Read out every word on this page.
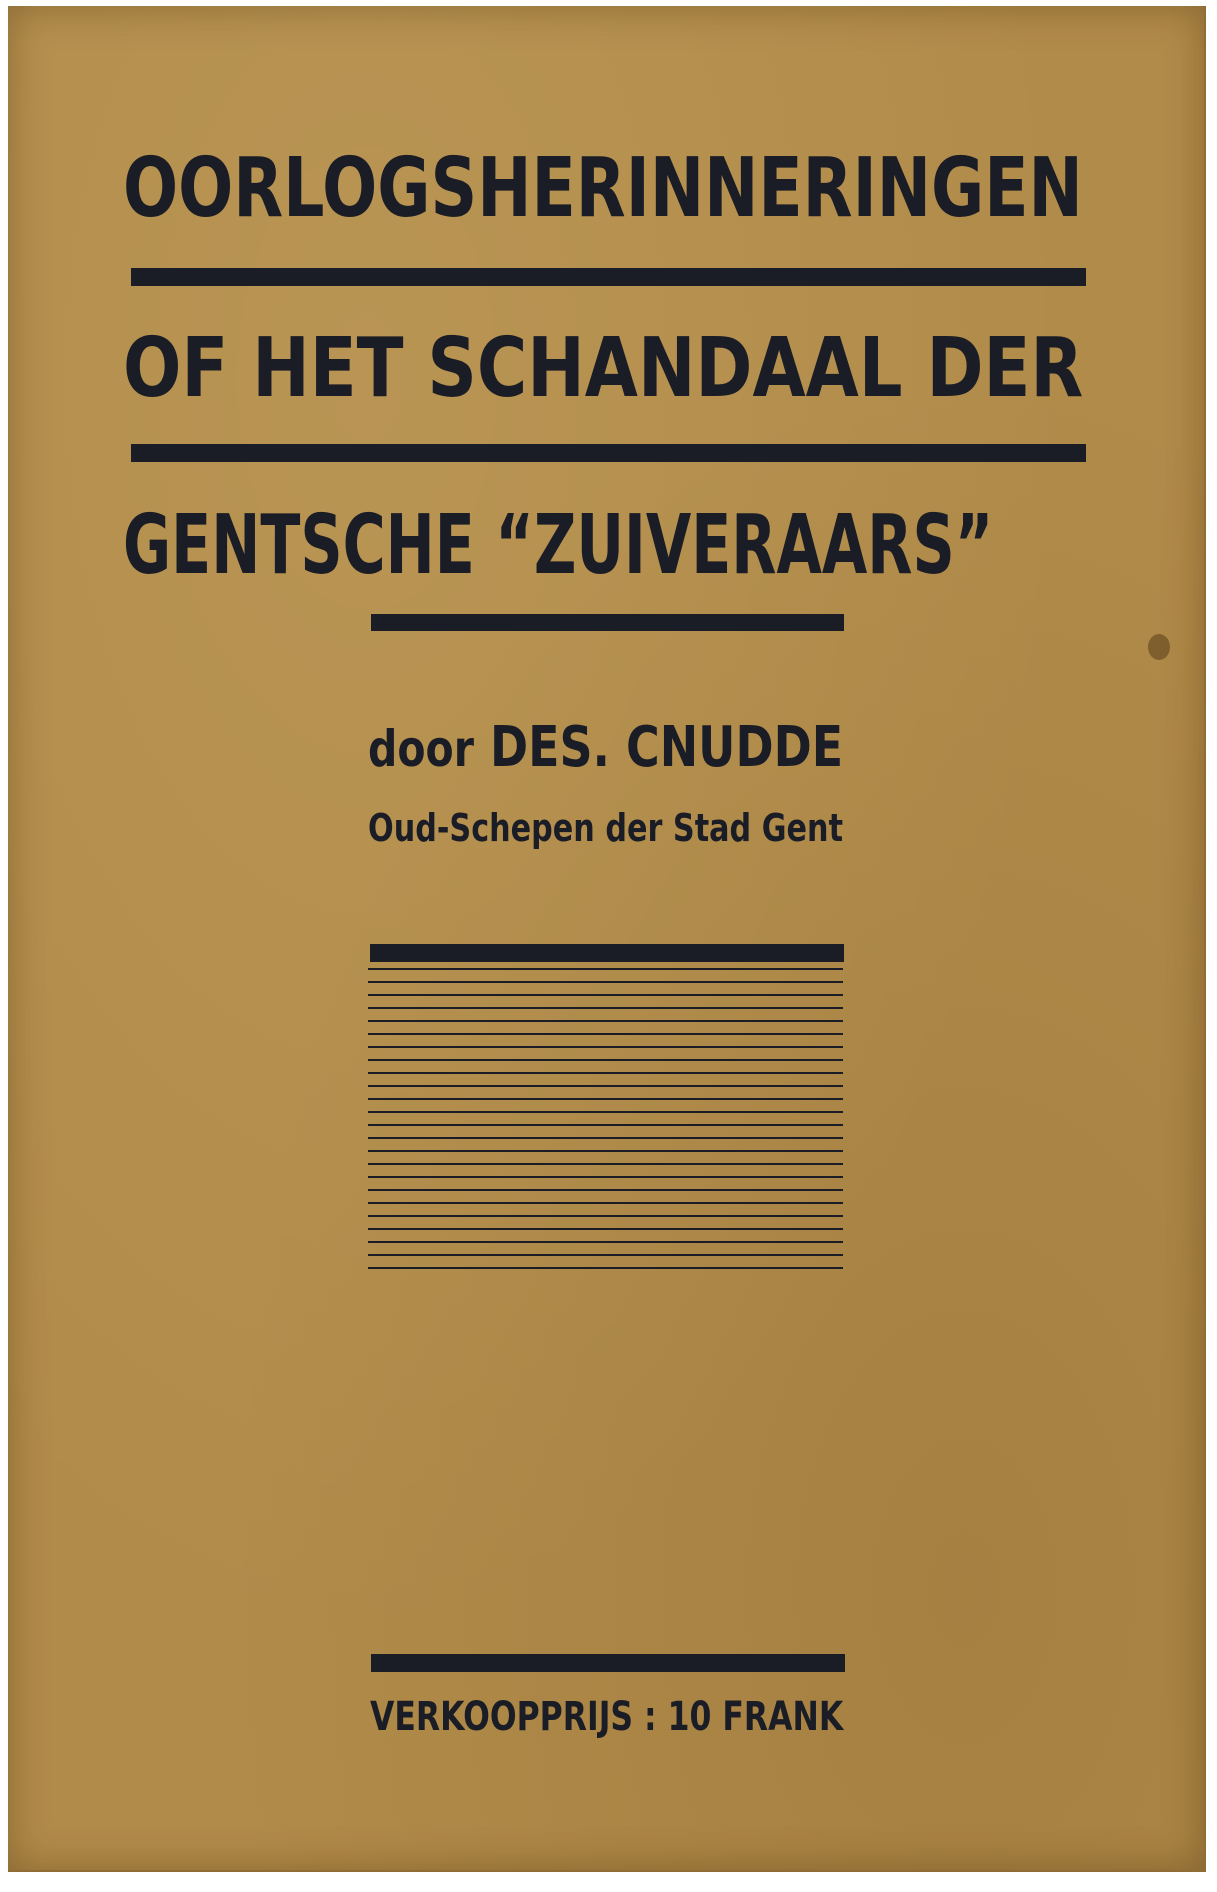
OORLOGSHERINNERINGEN
OF HET SCHANDAAL DER
GENTSCHE “ZUIVERAARS”
door DES. CNUDDE
Oud-Schepen der Stad Gent
VERKOOPPRIJS : 10 FRANK
